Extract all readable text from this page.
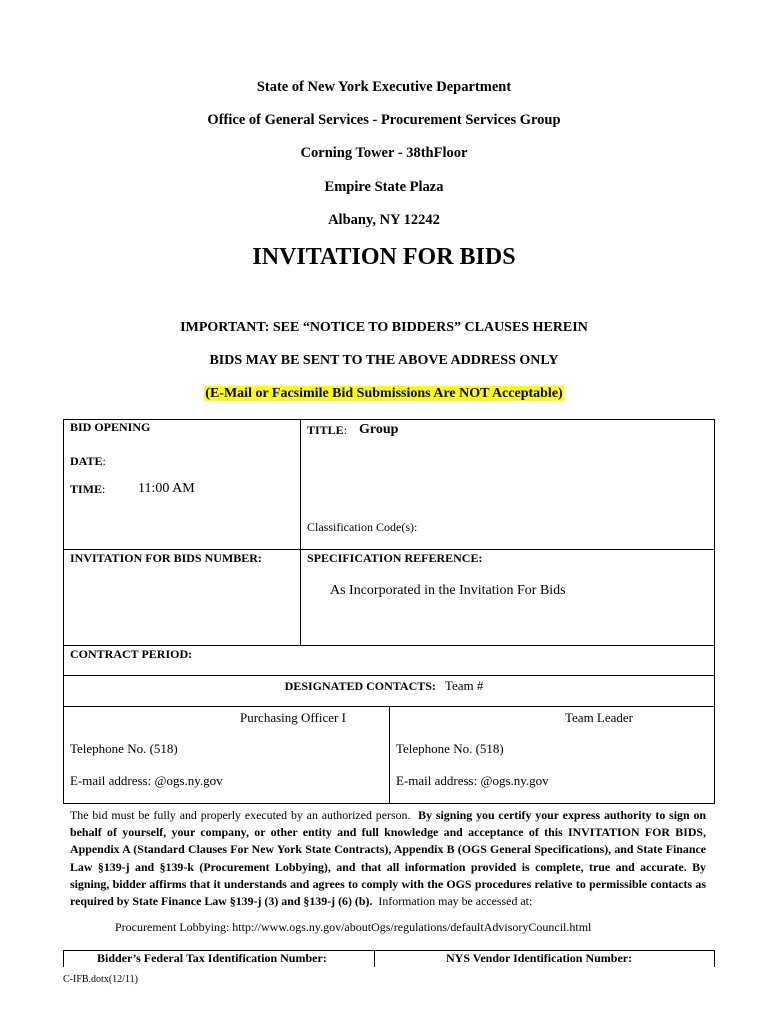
State of New York Executive Department
Office of General Services - Procurement Services Group
Corning Tower - 38thFloor
Empire State Plaza
Albany, NY 12242
INVITATION FOR BIDS
IMPORTANT: SEE “NOTICE TO BIDDERS” CLAUSES HEREIN
BIDS MAY BE SENT TO THE ABOVE ADDRESS ONLY
(E-Mail or Facsimile Bid Submissions Are NOT Acceptable)
BID OPENING
DATE:
TIME: 11:00 AM
TITLE: Group
Classification Code(s):
INVITATION FOR BIDS NUMBER:	SPECIFICATION REFERENCE:
As Incorporated in the Invitation For Bids
CONTRACT PERIOD:
DESIGNATED CONTACTS: Team #
Purchasing Officer I
Telephone No. (518)
E-mail address: @ogs.ny.gov
Team Leader
Telephone No. (518)
E-mail address: @ogs.ny.gov
The bid must be fully and properly executed by an authorized person. By signing you certify your express authority to sign on behalf of yourself, your company, or other entity and full knowledge and acceptance of this INVITATION FOR BIDS, Appendix A (Standard Clauses For New York State Contracts), Appendix B (OGS General Specifications), and State Finance Law §139-j and §139-k (Procurement Lobbying), and that all information provided is complete, true and accurate. By signing, bidder affirms that it understands and agrees to comply with the OGS procedures relative to permissible contacts as required by State Finance Law §139-j (3) and §139-j (6) (b). Information may be accessed at:
Procurement Lobbying: http://www.ogs.ny.gov/aboutOgs/regulations/defaultAdvisoryCouncil.html
Bidder’s Federal Tax Identification Number:	NYS Vendor Identification Number:
C-IFB.dotx(12/11)
